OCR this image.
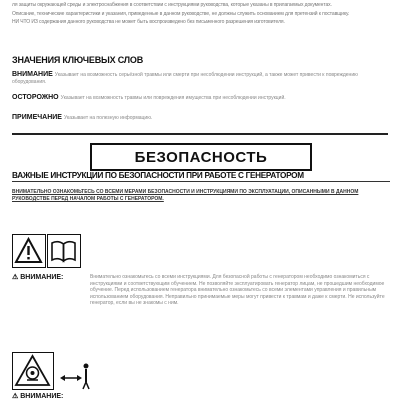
ля защиты окружающей среды и электроснабжения в соответствии с инструкциями руководства, которые указаны в прилагаемых документах.

Описание, технические характеристики и указания, приведенные в данном руководстве, не должны служить основанием для претензий к поставщику.

НИ ЧТО ИЗ содержания данного руководства не может быть воспроизведено без письменного разрешения изготовителя.

ЗНАЧЕНИЯ КЛЮЧЕВЫХ СЛОВ
ВНИМАНИЕ Указывает на возможность серьёзной травмы или смерти при несоблюдении инструкций, а также может привести к повреждению оборудования.
ОСТОРОЖНО Указывает на возможность травмы или повреждения имущества при несоблюдении инструкций.
ПРИМЕЧАНИЕ Указывает на полезную информацию.
БЕЗОПАСНОСТЬ
ВАЖНЫЕ ИНСТРУКЦИИ ПО БЕЗОПАСНОСТИ ПРИ РАБОТЕ С ГЕНЕРАТОРОМ
ВНИМАТЕЛЬНО ОЗНАКОМЬТЕСЬ СО ВСЕМИ МЕРАМИ БЕЗОПАСНОСТИ И ИНСТРУКЦИЯМИ ПО ЭКСПЛУАТАЦИИ, ОПИСАННЫМИ В ДАННОМ РУКОВОДСТВЕ ПЕРЕД НАЧАЛОМ РАБОТЫ С ГЕНЕРАТОРОМ.
⚠ ВНИМАНИЕ:	Внимательно ознакомьтесь со всеми инструкциями. Для безопасной работы с генератором необходимо ознакомиться с инструкциями и соответствующим обучением. Не позволяйте эксплуатировать генератор лицам, не прошедшим необходимое обучение. Перед использованием генератора внимательно ознакомьтесь со всеми элементами управления и правильным использованием оборудования. Неправильно принимаемые меры могут привести к травмам и даже к смерти. Не используйте генератор, если вы не знакомы с ним.
⚠ ВНИМАНИЕ:
